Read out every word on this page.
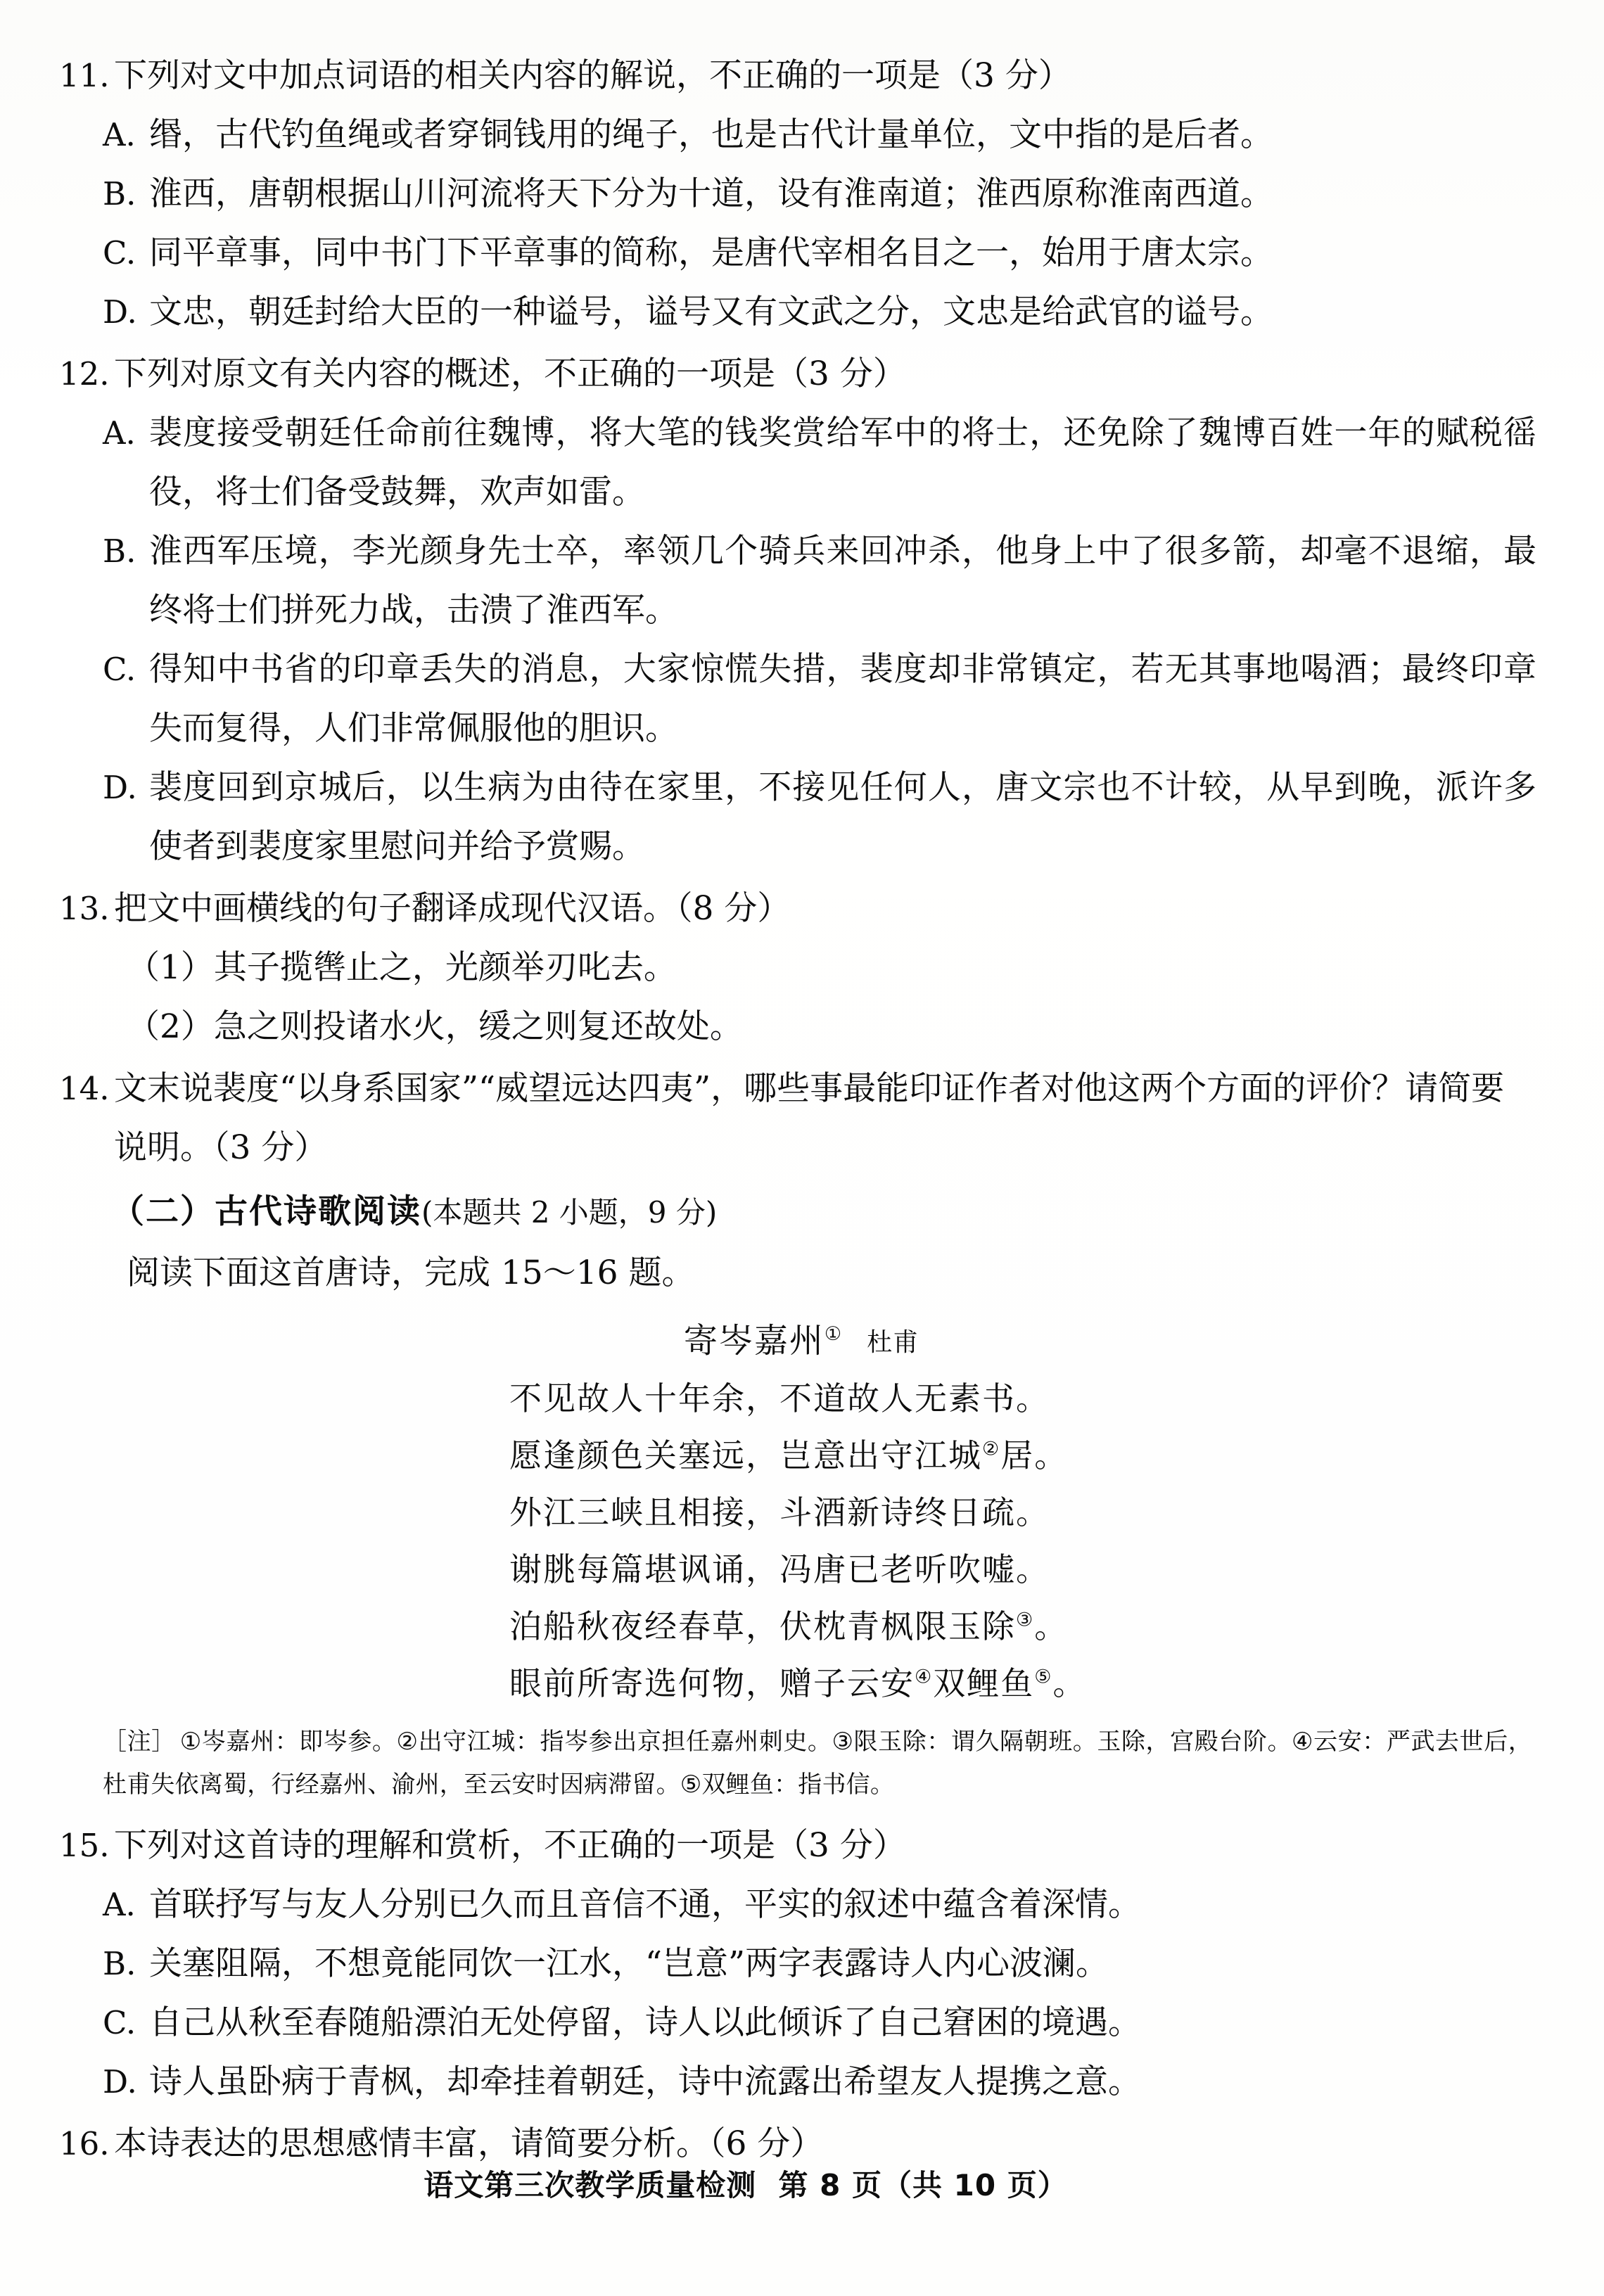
11. 下列对文中加点词语的相关内容的解说，不正确的一项是（3 分）
A. 缗，古代钓鱼绳或者穿铜钱用的绳子，也是古代计量单位，文中指的是后者。
B. 淮西，唐朝根据山川河流将天下分为十道，设有淮南道；淮西原称淮南西道。
C. 同平章事，同中书门下平章事的简称，是唐代宰相名目之一，始用于唐太宗。
D. 文忠，朝廷封给大臣的一种谥号，谥号又有文武之分，文忠是给武官的谥号。
12. 下列对原文有关内容的概述，不正确的一项是（3 分）
A. 裴度接受朝廷任命前往魏博，将大笔的钱奖赏给军中的将士，还免除了魏博百姓一年的赋税徭役，将士们备受鼓舞，欢声如雷。
B. 淮西军压境，李光颜身先士卒，率领几个骑兵来回冲杀，他身上中了很多箭，却毫不退缩，最终将士们拼死力战，击溃了淮西军。
C. 得知中书省的印章丢失的消息，大家惊慌失措，裴度却非常镇定，若无其事地喝酒；最终印章失而复得，人们非常佩服他的胆识。
D. 裴度回到京城后，以生病为由待在家里，不接见任何人，唐文宗也不计较，从早到晚，派许多使者到裴度家里慰问并给予赏赐。
13. 把文中画横线的句子翻译成现代汉语。（8 分）
（1）其子揽辔止之，光颜举刃叱去。
（2）急之则投诸水火，缓之则复还故处。
14. 文末说裴度“以身系国家”“威望远达四夷”，哪些事最能印证作者对他这两个方面的评价？请简要说明。（3 分）
（二）古代诗歌阅读(本题共 2 小题，9 分)
阅读下面这首唐诗，完成 15～16 题。
寄岑嘉州① 杜甫
不见故人十年余，不道故人无素书。
愿逢颜色关塞远，岂意出守江城②居。
外江三峡且相接，斗酒新诗终日疏。
谢朓每篇堪讽诵，冯唐已老听吹嘘。
泊船秋夜经春草，伏枕青枫限玉除③。
眼前所寄选何物，赠子云安④双鲤鱼⑤。
［注］ ①岑嘉州：即岑参。②出守江城：指岑参出京担任嘉州刺史。③限玉除：谓久隔朝班。玉除，宫殿台阶。④云安：严武去世后，杜甫失依离蜀，行经嘉州、渝州，至云安时因病滞留。⑤双鲤鱼：指书信。
15. 下列对这首诗的理解和赏析，不正确的一项是（3 分）
A. 首联抒写与友人分别已久而且音信不通，平实的叙述中蕴含着深情。
B. 关塞阻隔，不想竟能同饮一江水，“岂意”两字表露诗人内心波澜。
C. 自己从秋至春随船漂泊无处停留，诗人以此倾诉了自己窘困的境遇。
D. 诗人虽卧病于青枫，却牵挂着朝廷，诗中流露出希望友人提携之意。
16. 本诗表达的思想感情丰富，请简要分析。（6 分）
语文第三次教学质量检测 第 8 页（共 10 页）
